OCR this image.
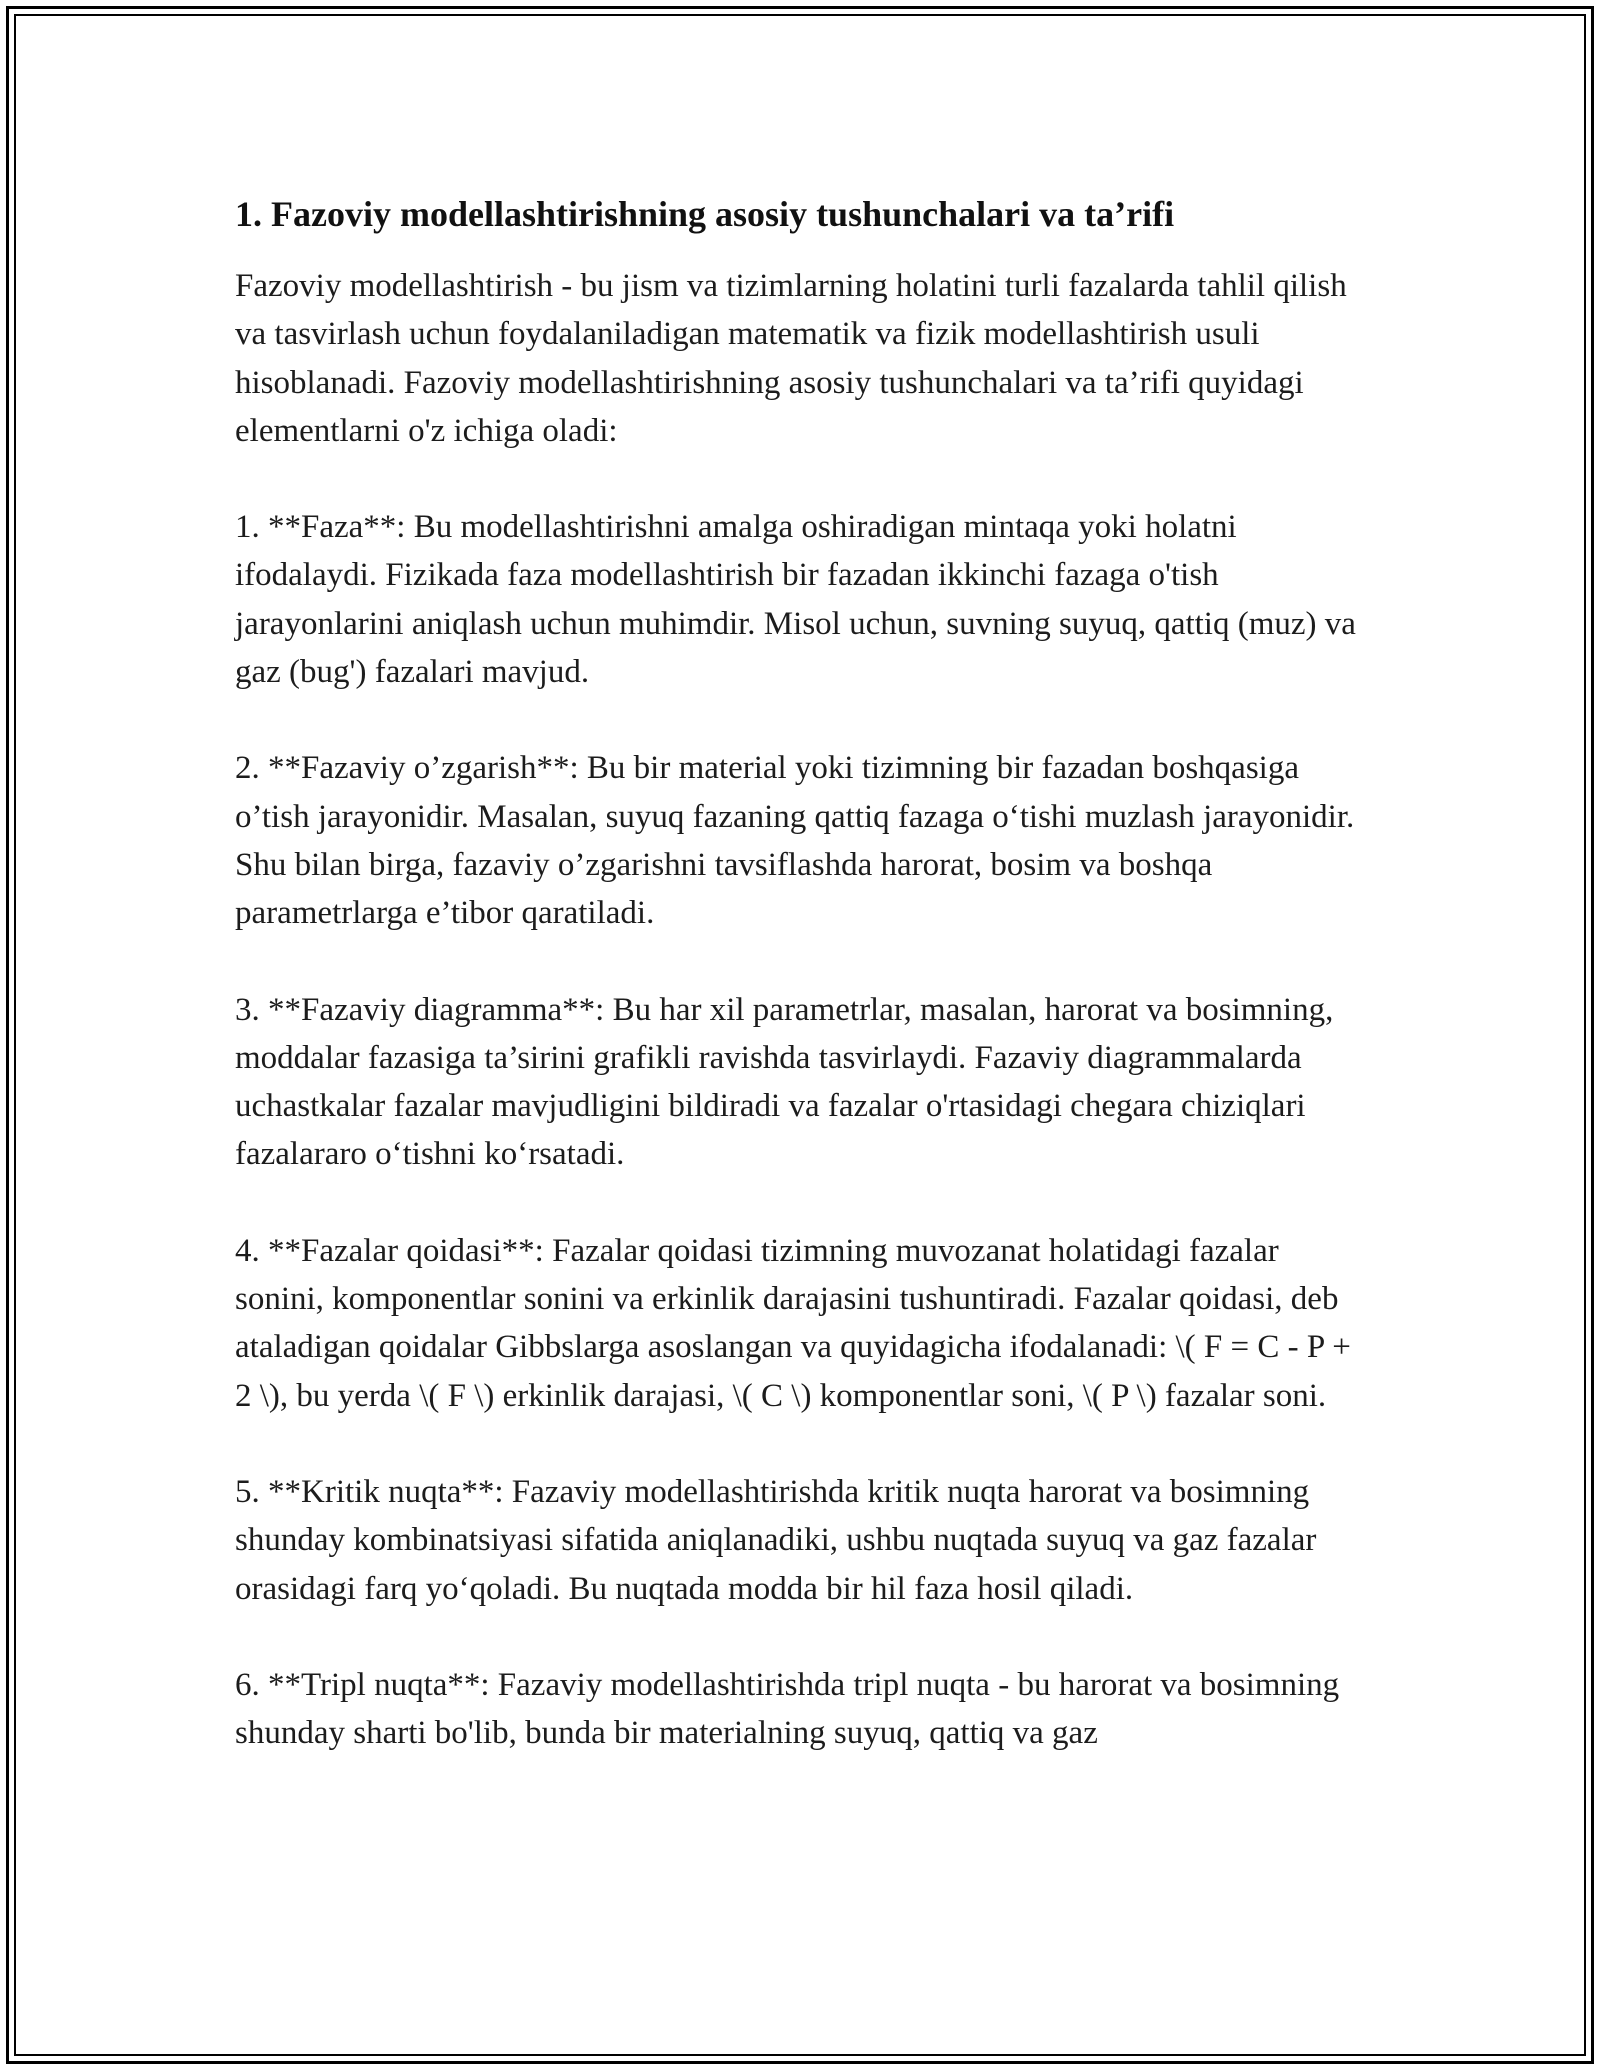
1. Fazoviy modellashtirishning asosiy tushunchalari va ta’rifi

Fazoviy modellashtirish - bu jism va tizimlarning holatini turli fazalarda tahlil qilish va tasvirlash uchun foydalaniladigan matematik va fizik modellashtirish usuli hisoblanadi. Fazoviy modellashtirishning asosiy tushunchalari va ta’rifi quyidagi elementlarni o'z ichiga oladi:

1. **Faza**: Bu modellashtirishni amalga oshiradigan mintaqa yoki holatni ifodalaydi. Fizikada faza modellashtirish bir fazadan ikkinchi fazaga o'tish jarayonlarini aniqlash uchun muhimdir. Misol uchun, suvning suyuq, qattiq (muz) va gaz (bug') fazalari mavjud.

2. **Fazaviy o’zgarish**: Bu bir material yoki tizimning bir fazadan boshqasiga o’tish jarayonidir. Masalan, suyuq fazaning qattiq fazaga o‘tishi muzlash jarayonidir. Shu bilan birga, fazaviy o’zgarishni tavsiflashda harorat, bosim va boshqa parametrlarga e’tibor qaratiladi.

3. **Fazaviy diagramma**: Bu har xil parametrlar, masalan, harorat va bosimning, moddalar fazasiga ta’sirini grafikli ravishda tasvirlaydi. Fazaviy diagrammalarda uchastkalar fazalar mavjudligini bildiradi va fazalar o'rtasidagi chegara chiziqlari fazalararo o‘tishni ko‘rsatadi.

4. **Fazalar qoidasi**: Fazalar qoidasi tizimning muvozanat holatidagi fazalar sonini, komponentlar sonini va erkinlik darajasini tushuntiradi. Fazalar qoidasi, deb ataladigan qoidalar Gibbslarga asoslangan va quyidagicha ifodalanadi: \( F = C - P + 2 \), bu yerda \( F \) erkinlik darajasi, \( C \) komponentlar soni, \( P \) fazalar soni.

5. **Kritik nuqta**: Fazaviy modellashtirishda kritik nuqta harorat va bosimning shunday kombinatsiyasi sifatida aniqlanadiki, ushbu nuqtada suyuq va gaz fazalar orasidagi farq yo‘qoladi. Bu nuqtada modda bir hil faza hosil qiladi.

6. **Tripl nuqta**: Fazaviy modellashtirishda tripl nuqta - bu harorat va bosimning shunday sharti bo'lib, bunda bir materialning suyuq, qattiq va gaz
